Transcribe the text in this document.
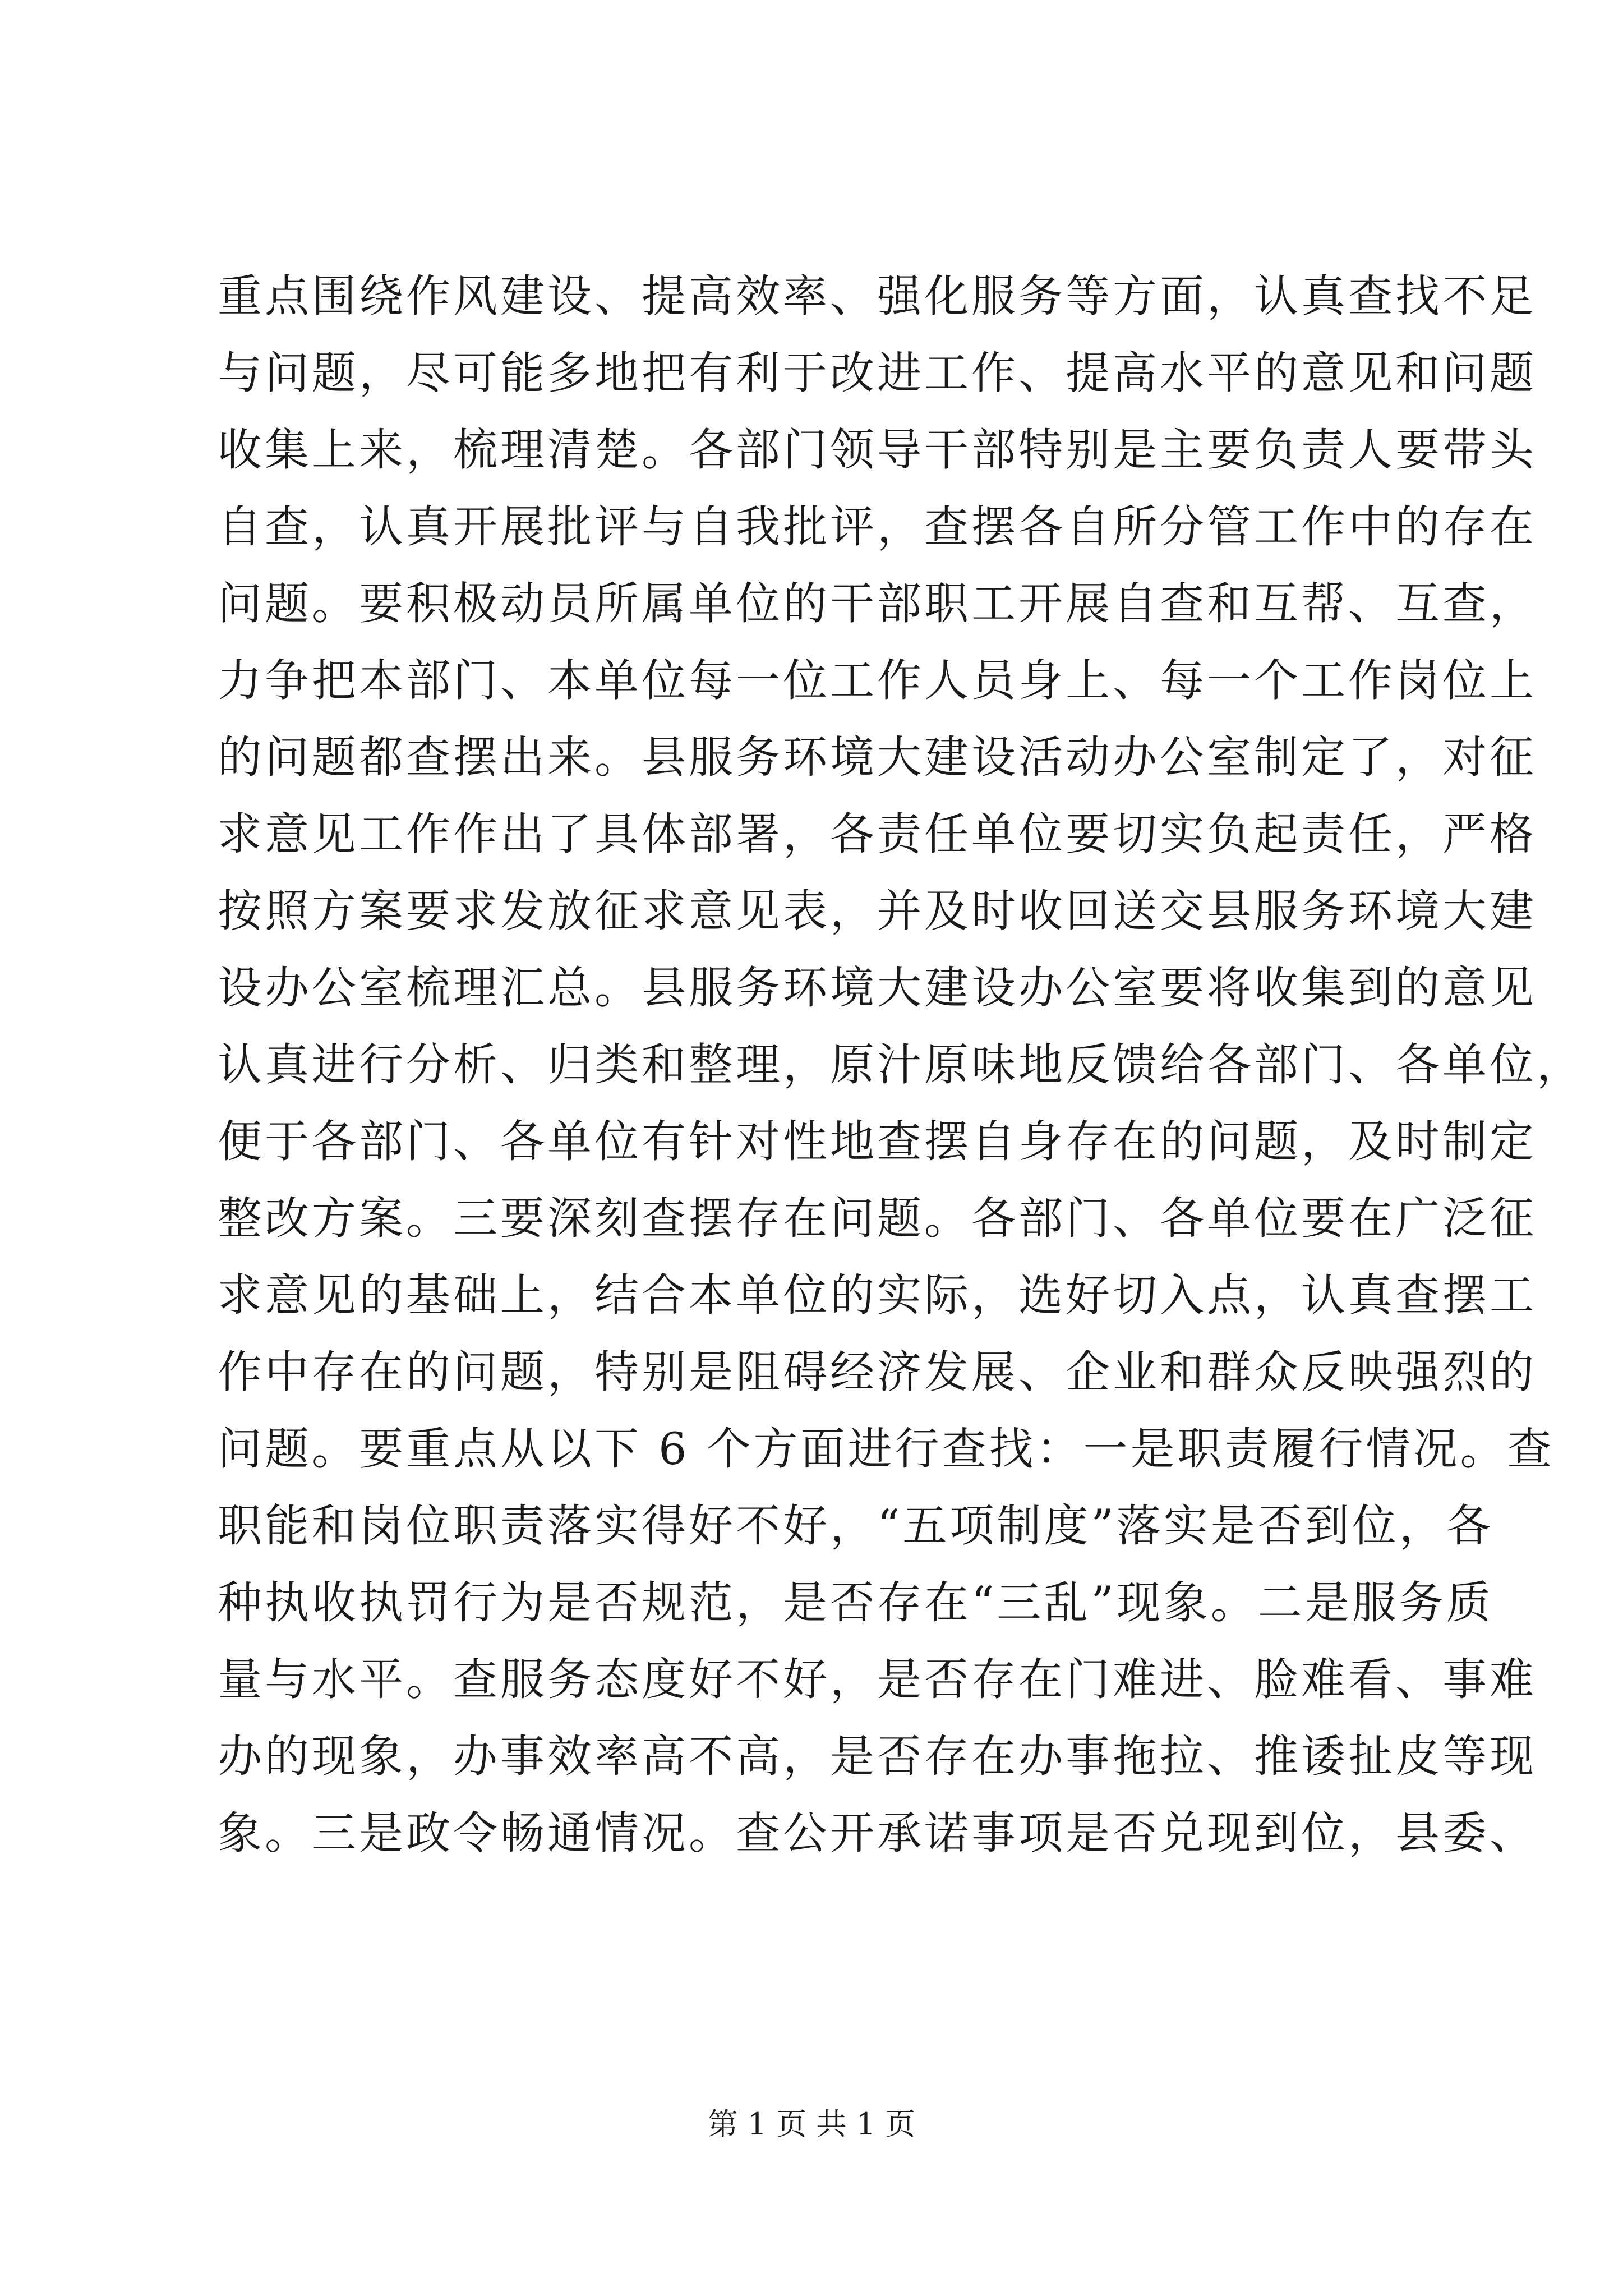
重点围绕作风建设、提高效率、强化服务等方面，认真查找不足
与问题，尽可能多地把有利于改进工作、提高水平的意见和问题
收集上来，梳理清楚。各部门领导干部特别是主要负责人要带头
自查，认真开展批评与自我批评，查摆各自所分管工作中的存在
问题。要积极动员所属单位的干部职工开展自查和互帮、互查，
力争把本部门、本单位每一位工作人员身上、每一个工作岗位上
的问题都查摆出来。县服务环境大建设活动办公室制定了，对征
求意见工作作出了具体部署，各责任单位要切实负起责任，严格
按照方案要求发放征求意见表，并及时收回送交县服务环境大建
设办公室梳理汇总。县服务环境大建设办公室要将收集到的意见
认真进行分析、归类和整理，原汁原味地反馈给各部门、各单位，
便于各部门、各单位有针对性地查摆自身存在的问题，及时制定
整改方案。三要深刻查摆存在问题。各部门、各单位要在广泛征
求意见的基础上，结合本单位的实际，选好切入点，认真查摆工
作中存在的问题，特别是阻碍经济发展、企业和群众反映强烈的
问题。要重点从以下 6 个方面进行查找：一是职责履行情况。查
职能和岗位职责落实得好不好，“五项制度”落实是否到位，各
种执收执罚行为是否规范，是否存在“三乱”现象。二是服务质
量与水平。查服务态度好不好，是否存在门难进、脸难看、事难
办的现象，办事效率高不高，是否存在办事拖拉、推诿扯皮等现
象。三是政令畅通情况。查公开承诺事项是否兑现到位，县委、
第 1 页 共 1 页
